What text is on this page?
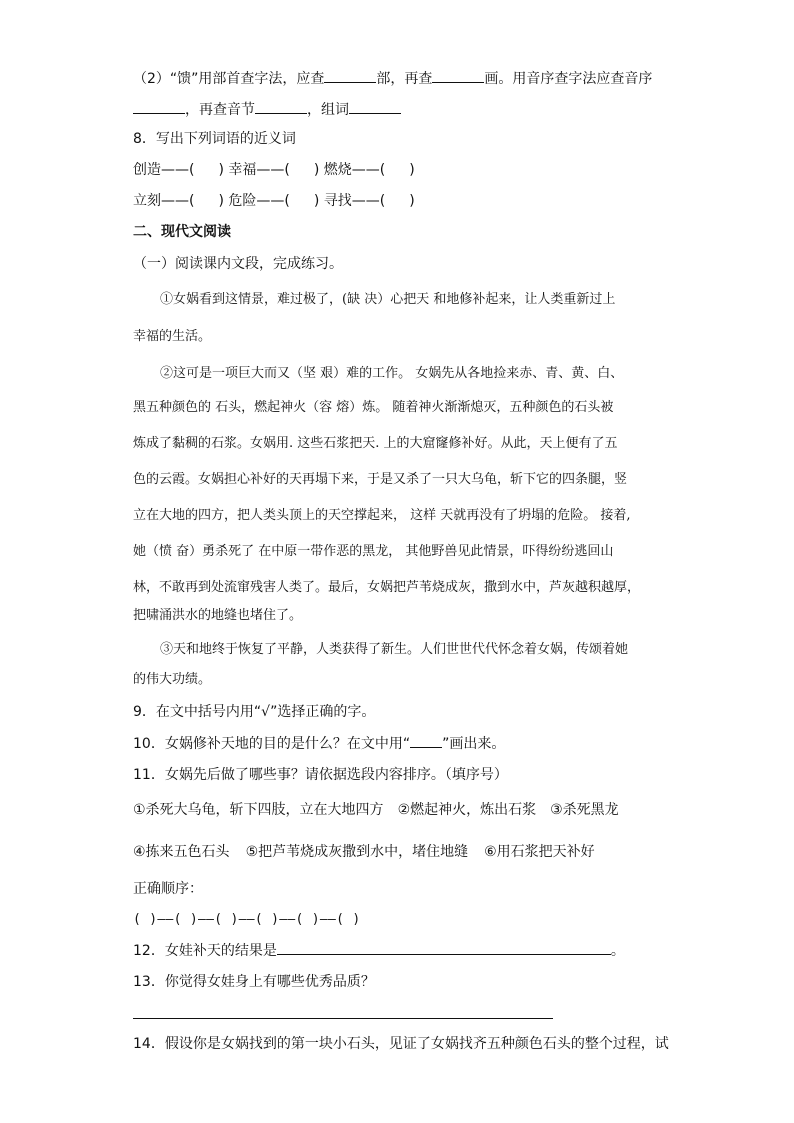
（2）“馈”用部首查字法，应查	部，再查	画。用音序查字法应查音序
，再查音节	，组词
8．写出下列词语的近义词
创造——( ) 幸福——( ) 燃烧——( )
立刻——( ) 危险——( ) 寻找——( )
二、现代文阅读
（一）阅读课内文段，完成练习。
①女娲看到这情景，难过极了，(缺 决）心把天 和地修补起来，让人类重新过上
幸福的生活。
②这可是一项巨大而又（坚 艰）难的工作。 女娲先从各地捡来赤、青、黄、白、
黑五种颜色的 石头，燃起神火（容 熔）炼。 随着神火渐渐熄灭，五种颜色的石头被
炼成了黏稠的石浆。女娲用. 这些石浆把天. 上的大窟窿修补好。从此，天上便有了五
色的云霞。女娲担心补好的天再塌下来，于是又杀了一只大乌龟，斩下它的四条腿，竖
立在大地的四方，把人类头顶上的天空撑起来， 这样 天就再没有了坍塌的危险。 接着,
她（愤 奋）勇杀死了 在中原一带作恶的黑龙， 其他野兽见此情景，吓得纷纷逃回山
林，不敢再到处流窜残害人类了。最后，女娲把芦苇烧成灰，撒到水中，芦灰越积越厚，
把啸涌洪水的地缝也堵住了。
③天和地终于恢复了平静，人类获得了新生。人们世世代代怀念着女娲，传颂着她
的伟大功绩。
9．在文中括号内用“√”选择正确的字。
10．女娲修补天地的目的是什么？在文中用“ ”画出来。
11．女娲先后做了哪些事？请依据选段内容排序。（填序号）
①杀死大乌龟，斩下四肢，立在大地四方 ②燃起神火，炼出石浆 ③杀死黑龙
④拣来五色石头 ⑤把芦苇烧成灰撒到水中，堵住地缝 ⑥用石浆把天补好
正确顺序：
( )——( )——( )——( )——( )——( )
12．女娃补天的结果是	。
13．你觉得女娃身上有哪些优秀品质？
14．假设你是女娲找到的第一块小石头，见证了女娲找齐五种颜色石头的整个过程，试
